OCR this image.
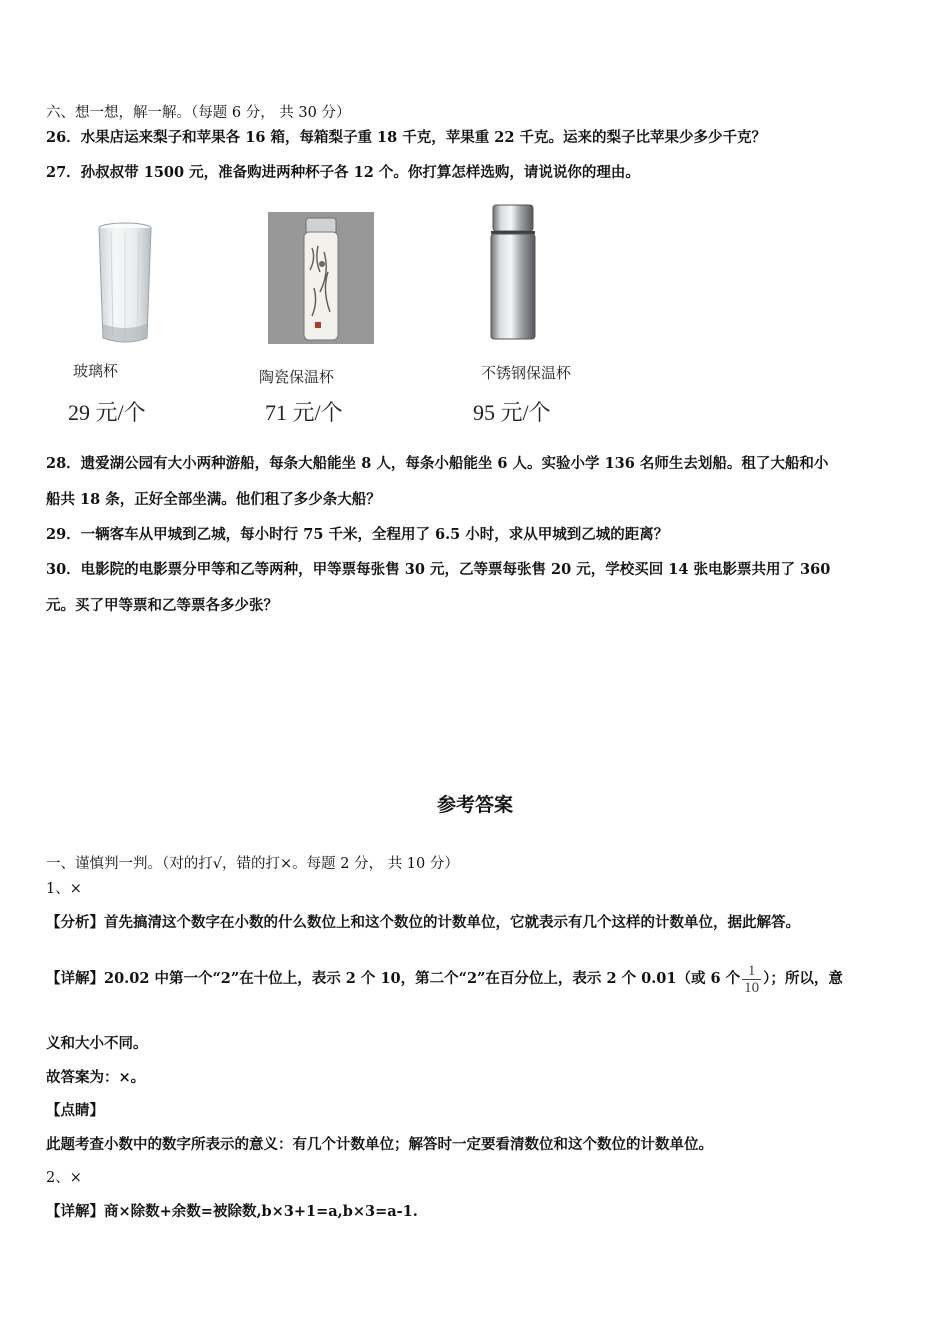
六、想一想，解一解。（每题 6 分， 共 30 分）
26．水果店运来梨子和苹果各 16 箱，每箱梨子重 18 千克，苹果重 22 千克。运来的梨子比苹果少多少千克？
27．孙叔叔带 1500 元，准备购进两种杯子各 12 个。你打算怎样选购，请说说你的理由。
玻璃杯	陶瓷保温杯	不锈钢保温杯
29 元/个	71 元/个	95 元/个
28．遗爱湖公园有大小两种游船，每条大船能坐 8 人，每条小船能坐 6 人。实验小学 136 名师生去划船。租了大船和小
船共 18 条，正好全部坐满。他们租了多少条大船？
29．一辆客车从甲城到乙城，每小时行 75 千米，全程用了 6.5 小时，求从甲城到乙城的距离？
30．电影院的电影票分甲等和乙等两种，甲等票每张售 30 元，乙等票每张售 20 元，学校买回 14 张电影票共用了 360
元。买了甲等票和乙等票各多少张？
参考答案
一、谨慎判一判。（对的打√，错的打×。每题 2 分， 共 10 分）
1、×
【分析】首先搞清这个数字在小数的什么数位上和这个数位的计数单位，它就表示有几个这样的计数单位，据此解答。
【详解】20.02 中第一个“2”在十位上，表示 2 个 10，第二个“2”在百分位上，表示 2 个 0.01（或 6 个 $\frac{1}{10}$ ）；所以，意
义和大小不同。
故答案为：×。
【点睛】
此题考查小数中的数字所表示的意义：有几个计数单位；解答时一定要看清数位和这个数位的计数单位。
2、×
【详解】商×除数+余数=被除数,b×3+1=a,b×3=a-1.
